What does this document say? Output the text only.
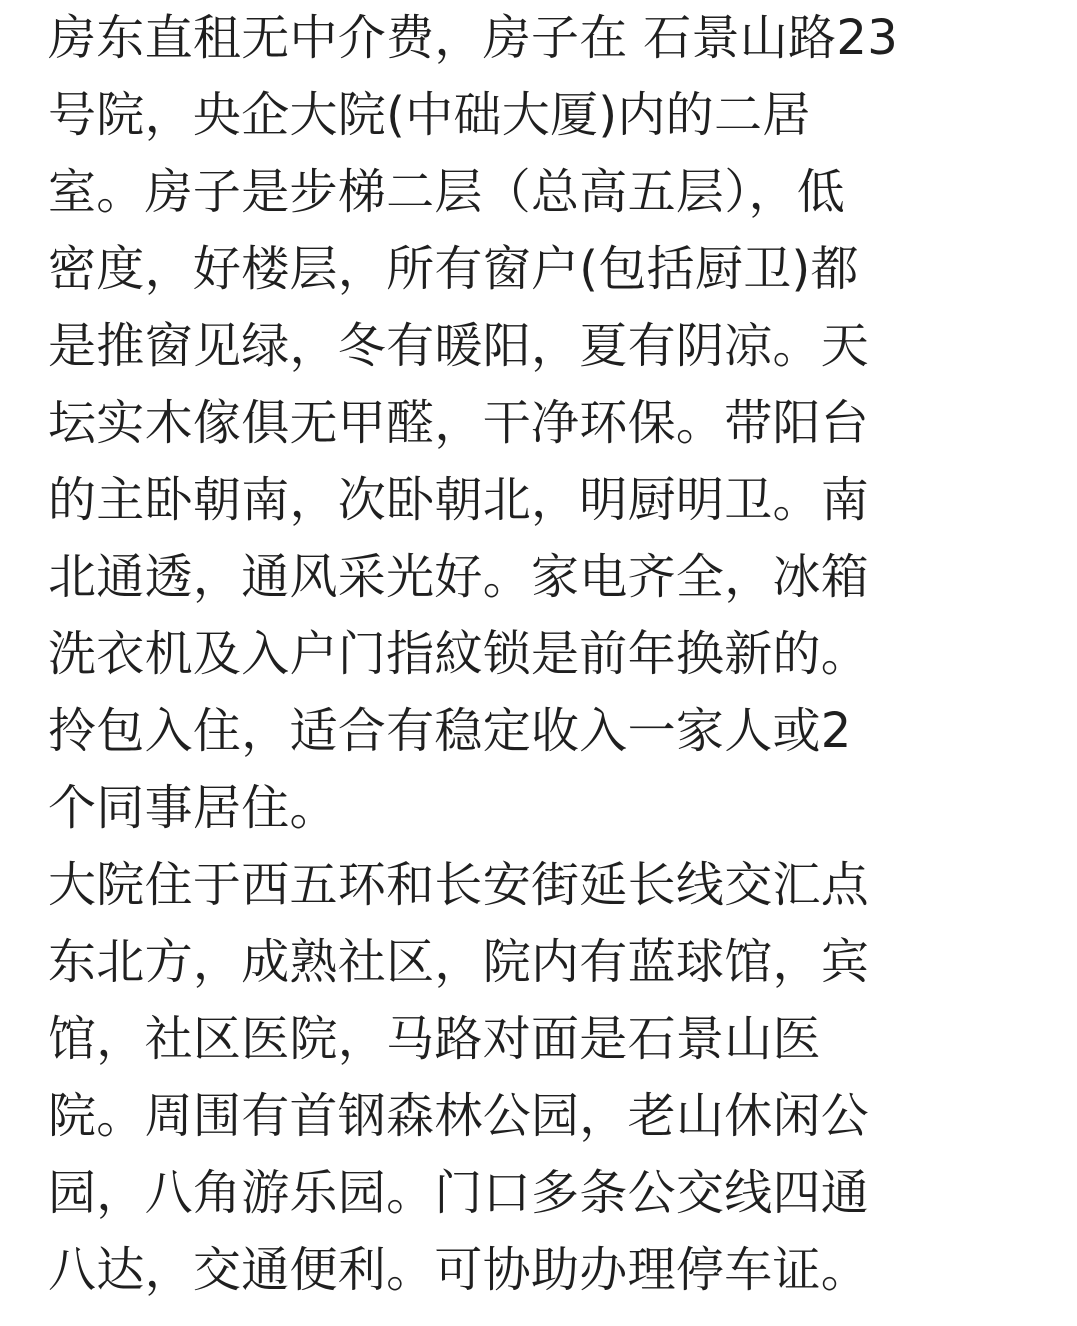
房东直租无中介费，房子在 石景山路23
号院，央企大院(中础大厦)内的二居
室。房子是步梯二层（总高五层），低
密度，好楼层，所有窗户(包括厨卫)都
是推窗见绿，冬有暖阳，夏有阴凉。天
坛实木傢俱无甲醛，干净环保。带阳台
的主卧朝南，次卧朝北，明厨明卫。南
北通透，通风采光好。家电齐全，冰箱
洗衣机及入户门指紋锁是前年换新的。
拎包入住，适合有稳定收入一家人或2
个同事居住。
大院住于西五环和长安街延长线交汇点
东北方，成熟社区，院内有蓝球馆，宾
馆，社区医院，马路对面是石景山医
院。周围有首钢森林公园，老山休闲公
园，八角游乐园。门口多条公交线四通
八达，交通便利。可协助办理停车证。
